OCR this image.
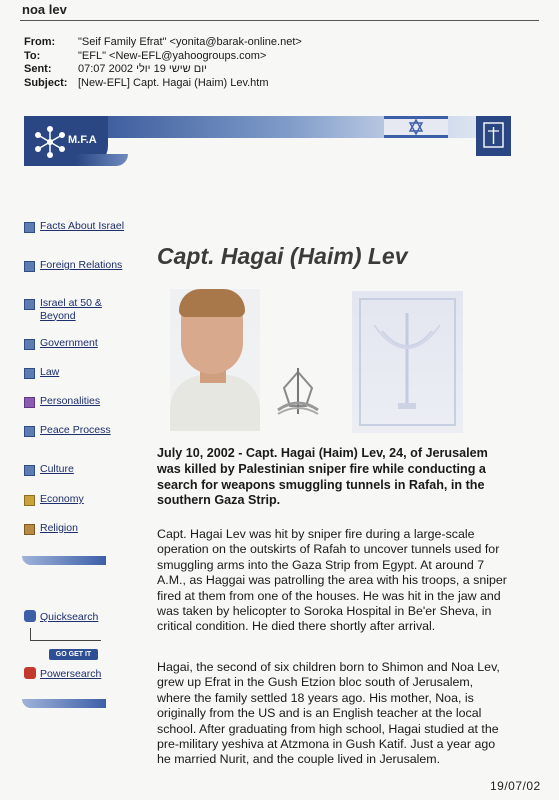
noa lev
From:	"Seif Family Efrat" <yonita@barak-online.net>
To:	"EFL" <New-EFL@yahoogroups.com>
Sent:	07:07 2002 יום שישי 19 יולי
Subject: [New-EFL] Capt. Hagai (Haim) Lev.htm
M.F.A
Facts About Israel
Foreign Relations
Israel at 50 & Beyond
Government
Law
Personalities
Peace Process
Culture
Economy
Religion
Quicksearch
GO GET IT
Powersearch
Capt. Hagai (Haim) Lev
July 10, 2002 - Capt. Hagai (Haim) Lev, 24, of Jerusalem was killed by Palestinian sniper fire while conducting a search for weapons smuggling tunnels in Rafah, in the southern Gaza Strip.
Capt. Hagai Lev was hit by sniper fire during a large-scale operation on the outskirts of Rafah to uncover tunnels used for smuggling arms into the Gaza Strip from Egypt. At around 7 A.M., as Haggai was patrolling the area with his troops, a sniper fired at them from one of the houses. He was hit in the jaw and was taken by helicopter to Soroka Hospital in Be'er Sheva, in critical condition. He died there shortly after arrival.
Hagai, the second of six children born to Shimon and Noa Lev, grew up Efrat in the Gush Etzion bloc south of Jerusalem, where the family settled 18 years ago. His mother, Noa, is originally from the US and is an English teacher at the local school. After graduating from high school, Hagai studied at the pre-military yeshiva at Atzmona in Gush Katif. Just a year ago he married Nurit, and the couple lived in Jerusalem.
19/07/02
